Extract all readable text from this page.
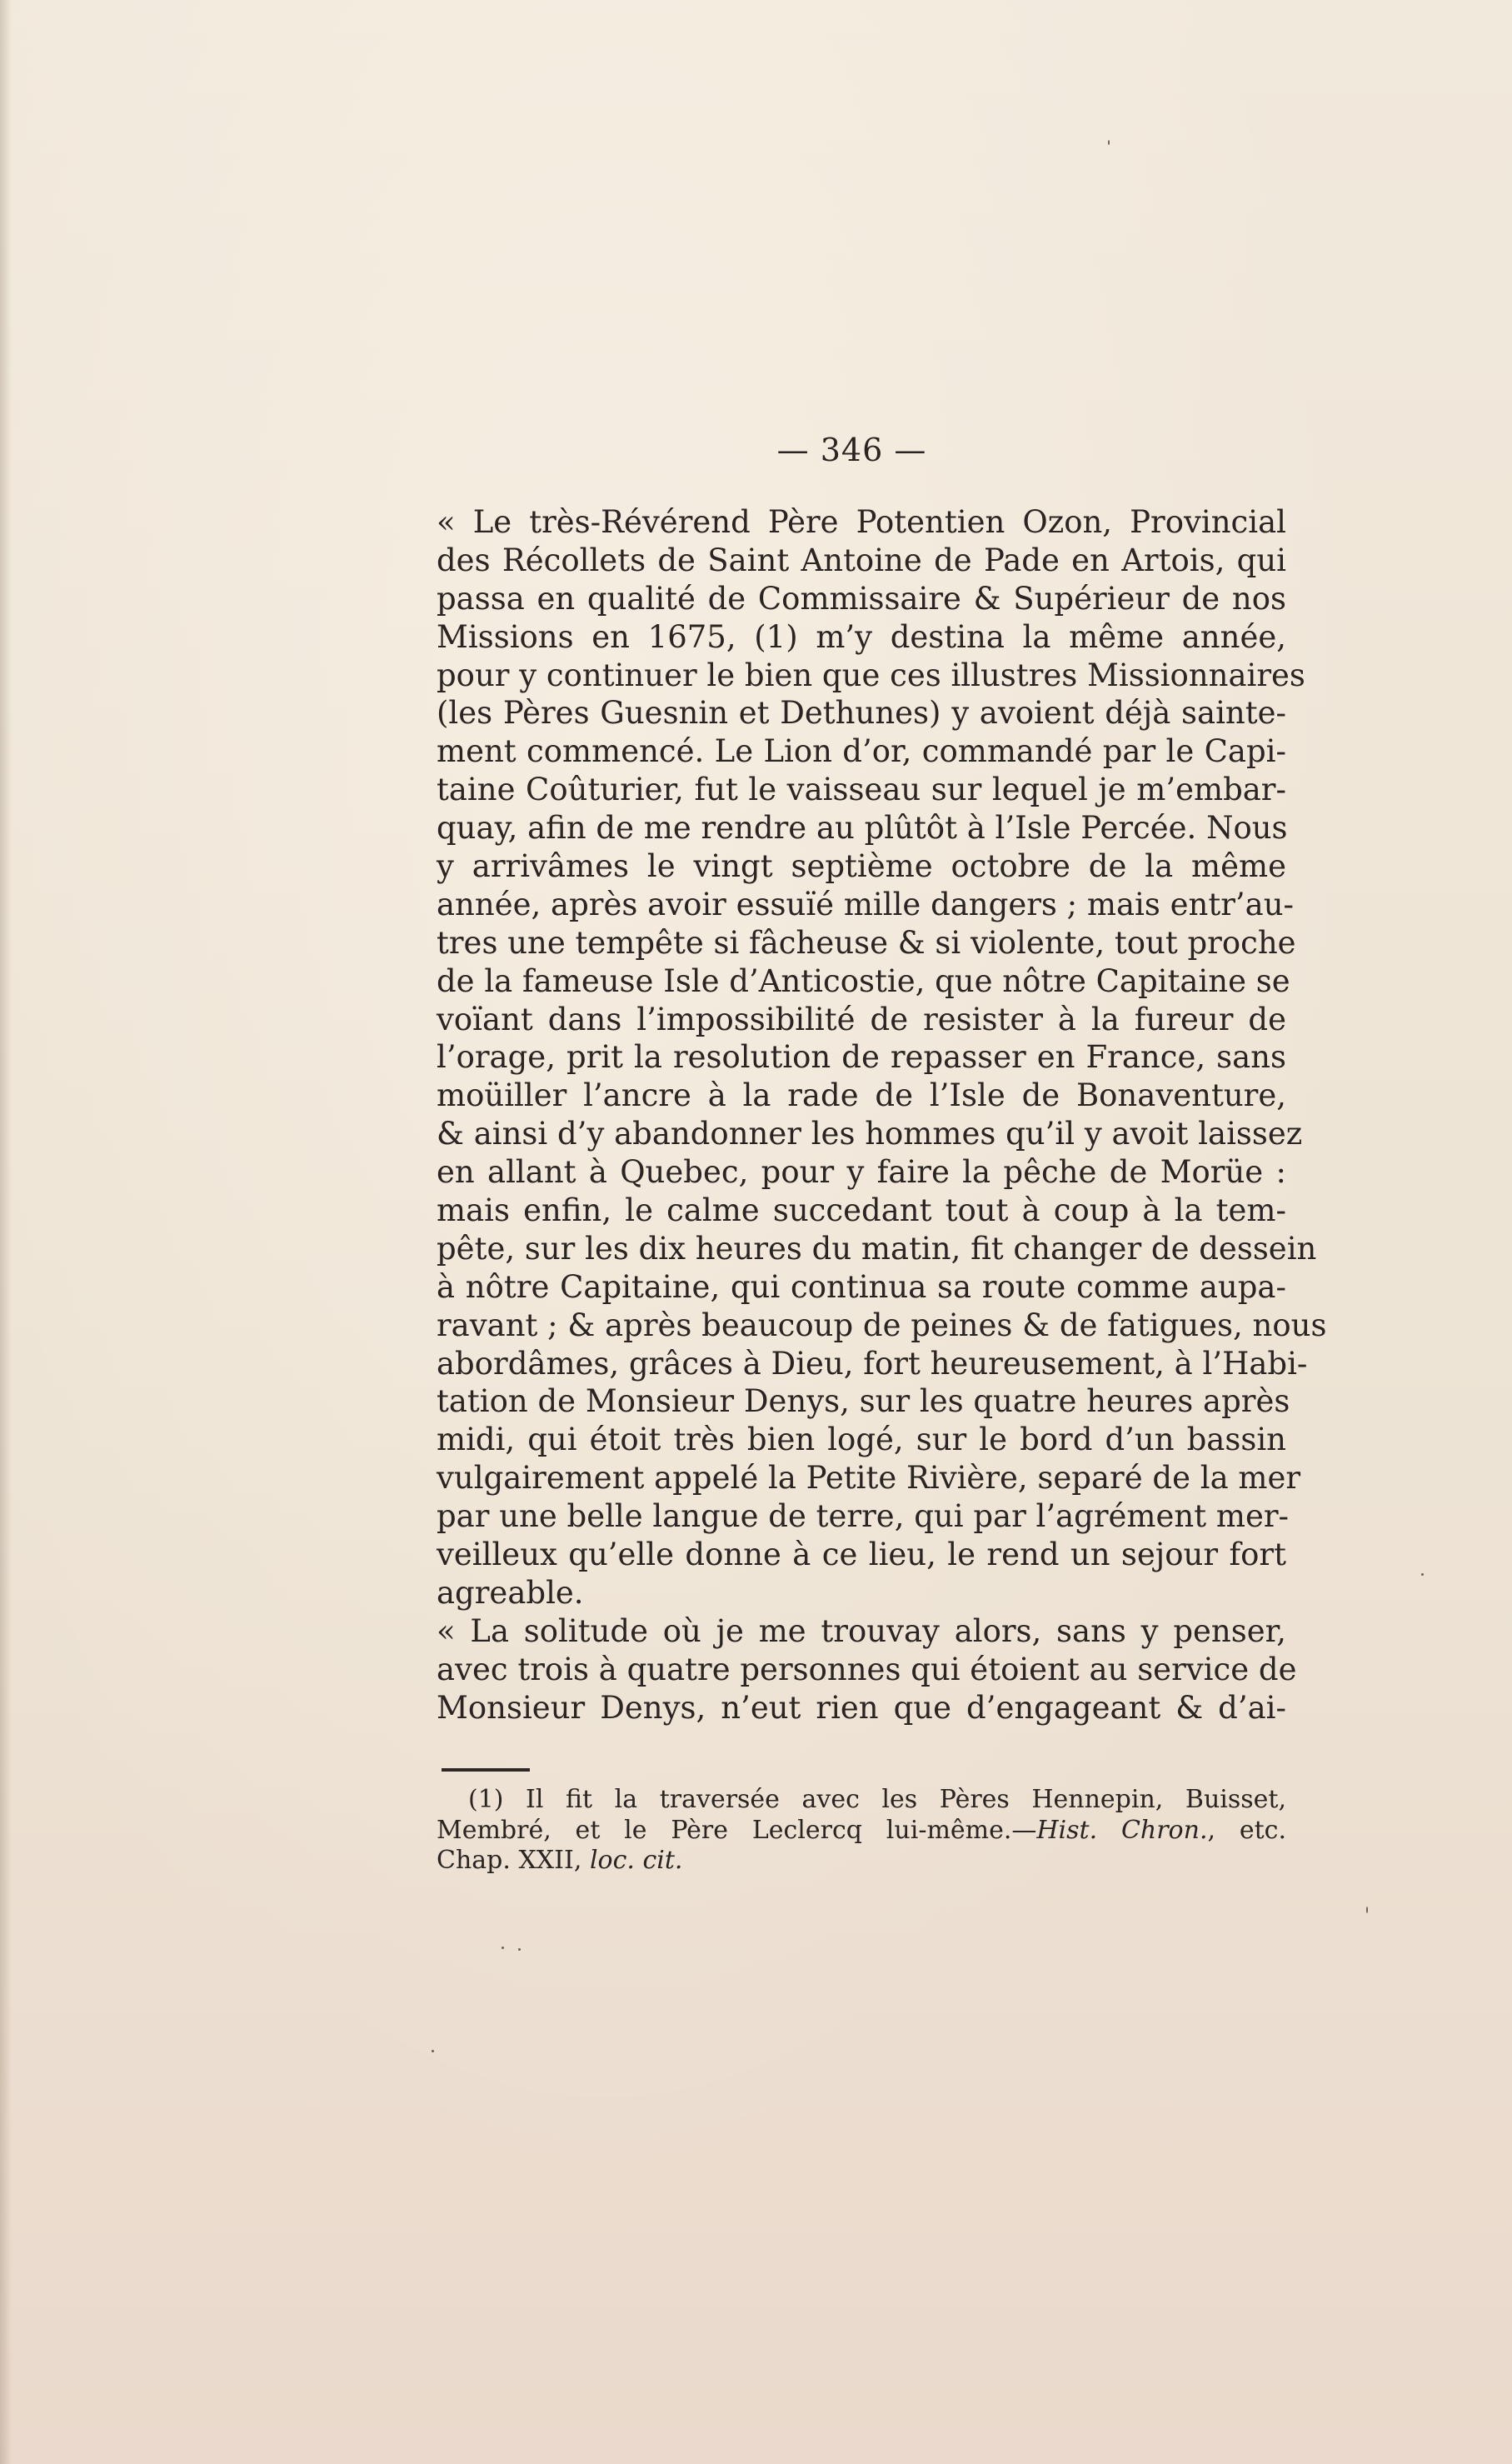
— 346 —
« Le très-Révérend Père Potentien Ozon, Provincial
des Récollets de Saint Antoine de Pade en Artois, qui
passa en qualité de Commissaire & Supérieur de nos
Missions en 1675, (1) m’y destina la même année,
pour y continuer le bien que ces illustres Missionnaires
(les Pères Guesnin et Dethunes) y avoient déjà sainte-
ment commencé. Le Lion d’or, commandé par le Capi-
taine Coûturier, fut le vaisseau sur lequel je m’embar-
quay, afin de me rendre au plûtôt à l’Isle Percée. Nous
y arrivâmes le vingt septième octobre de la même
année, après avoir essuïé mille dangers ; mais entr’au-
tres une tempête si fâcheuse & si violente, tout proche
de la fameuse Isle d’Anticostie, que nôtre Capitaine se
voïant dans l’impossibilité de resister à la fureur de
l’orage, prit la resolution de repasser en France, sans
moüiller l’ancre à la rade de l’Isle de Bonaventure,
& ainsi d’y abandonner les hommes qu’il y avoit laissez
en allant à Quebec, pour y faire la pêche de Morüe :
mais enfin, le calme succedant tout à coup à la tem-
pête, sur les dix heures du matin, fit changer de dessein
à nôtre Capitaine, qui continua sa route comme aupa-
ravant ; & après beaucoup de peines & de fatigues, nous
abordâmes, grâces à Dieu, fort heureusement, à l’Habi-
tation de Monsieur Denys, sur les quatre heures après
midi, qui étoit très bien logé, sur le bord d’un bassin
vulgairement appelé la Petite Rivière, separé de la mer
par une belle langue de terre, qui par l’agrément mer-
veilleux qu’elle donne à ce lieu, le rend un sejour fort
agreable.
« La solitude où je me trouvay alors, sans y penser,
avec trois à quatre personnes qui étoient au service de
Monsieur Denys, n’eut rien que d’engageant & d’ai-
(1) Il fit la traversée avec les Pères Hennepin, Buisset,
Membré, et le Père Leclercq lui-même.—Hist. Chron., etc.
Chap. XXII, loc. cit.
